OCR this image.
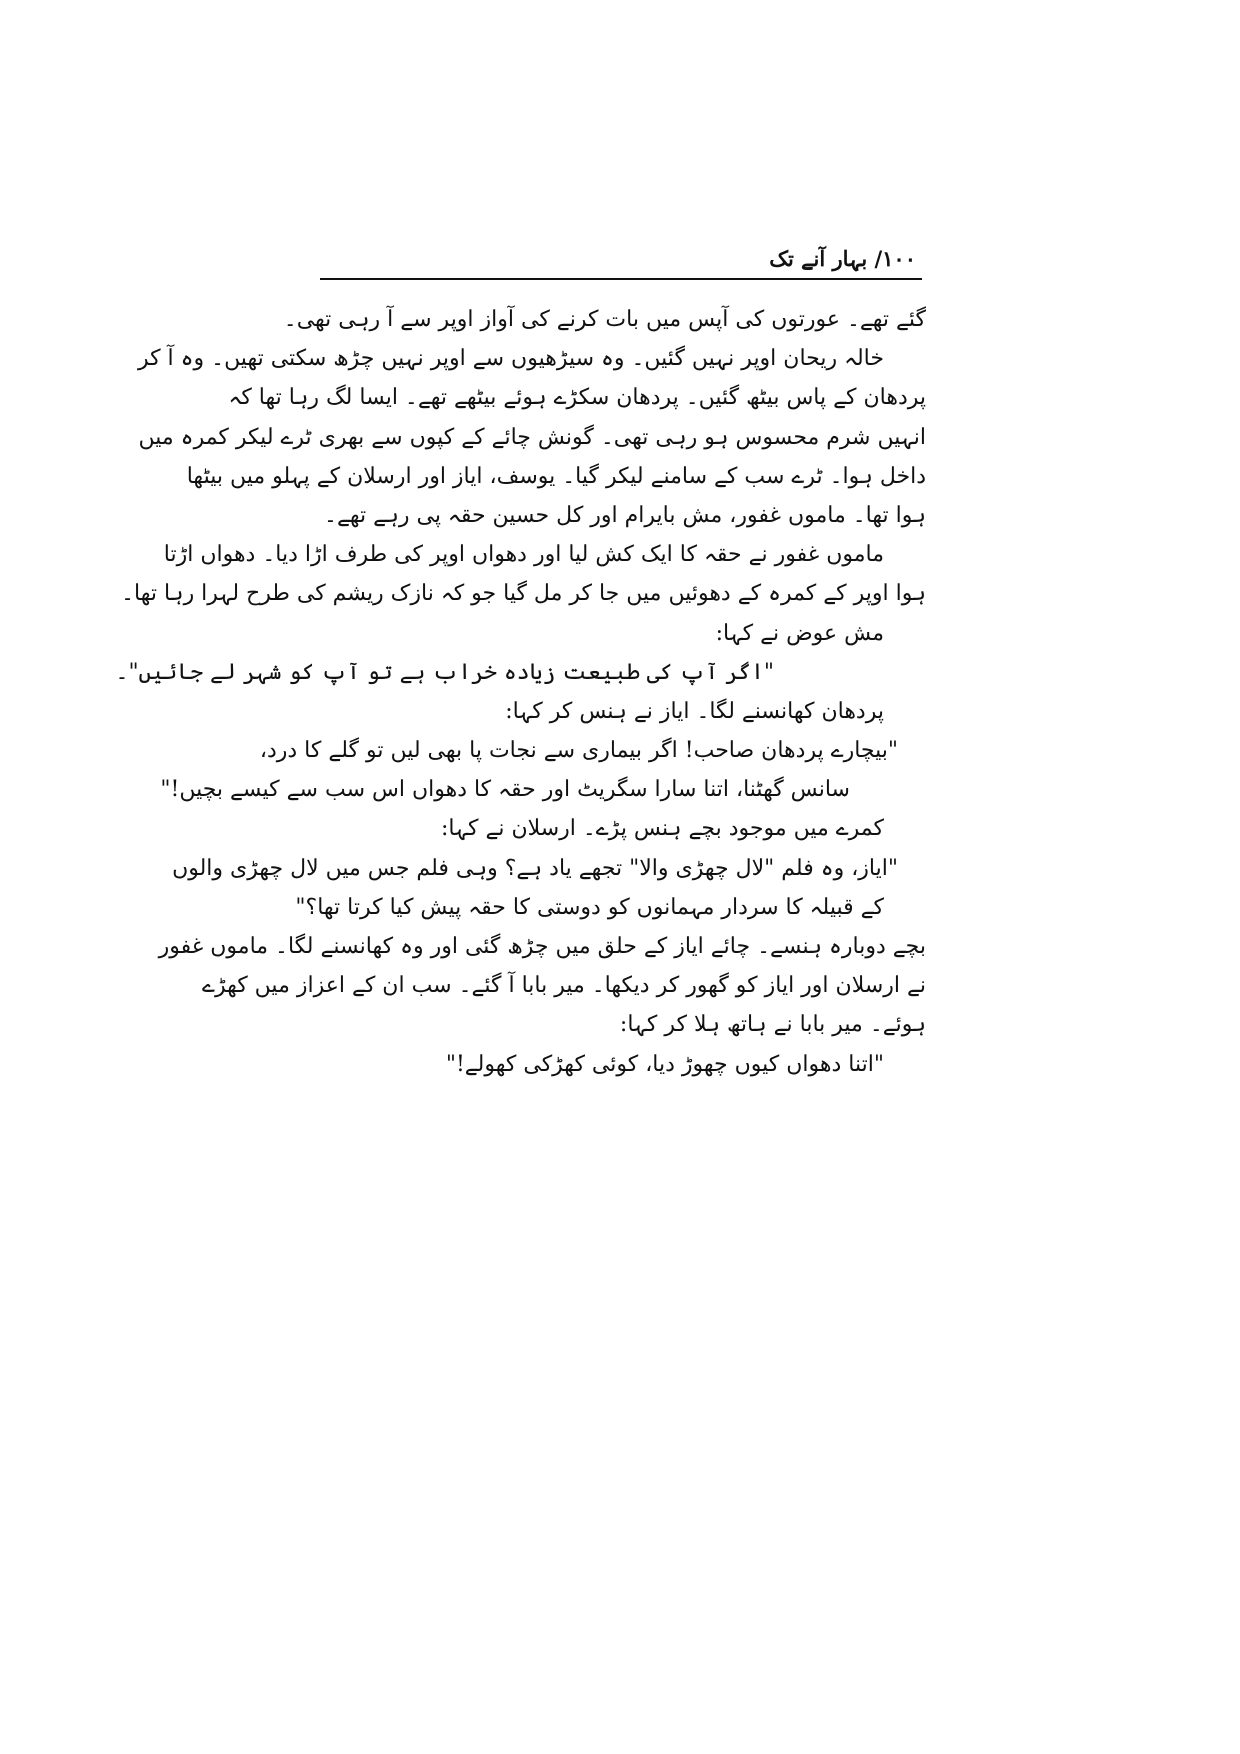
۱۰۰/ بہار آنے تک
گئے تھے۔ عورتوں کی آپس میں بات کرنے کی آواز اوپر سے آ رہی تھی۔
خالہ ریحان اوپر نہیں گئیں۔ وہ سیڑھیوں سے اوپر نہیں چڑھ سکتی تھیں۔ وہ آ کر
پردھان کے پاس بیٹھ گئیں۔ پردھان سکڑے ہوئے بیٹھے تھے۔ ایسا لگ رہا تھا کہ
انہیں شرم محسوس ہو رہی تھی۔ گونش چائے کے کپوں سے بھری ٹرے لیکر کمرہ میں
داخل ہوا۔ ٹرے سب کے سامنے لیکر گیا۔ یوسف، ایاز اور ارسلان کے پہلو میں بیٹھا
ہوا تھا۔ ماموں غفور، مش بایرام اور کل حسین حقہ پی رہے تھے۔
ماموں غفور نے حقہ کا ایک کش لیا اور دھواں اوپر کی طرف اڑا دیا۔ دھواں اڑتا
ہوا اوپر کے کمرہ کے دھوئیں میں جا کر مل گیا جو کہ نازک ریشم کی طرح لہرا رہا تھا۔
مش عوض نے کہا:
"اگر آپ کی طبیعت زیادہ خراب ہے تو آپ کو شہر لے جائیں"۔
پردھان کھانسنے لگا۔ ایاز نے ہنس کر کہا:
"بیچارے پردھان صاحب! اگر بیماری سے نجات پا بھی لیں تو گلے کا درد،
سانس گھٹنا، اتنا سارا سگریٹ اور حقہ کا دھواں اس سب سے کیسے بچیں!"
کمرے میں موجود بچے ہنس پڑے۔ ارسلان نے کہا:
"ایاز، وہ فلم "لال چھڑی والا" تجھے یاد ہے؟ وہی فلم جس میں لال چھڑی والوں
کے قبیلہ کا سردار مہمانوں کو دوستی کا حقہ پیش کیا کرتا تھا؟"
بچے دوبارہ ہنسے۔ چائے ایاز کے حلق میں چڑھ گئی اور وہ کھانسنے لگا۔ ماموں غفور
نے ارسلان اور ایاز کو گھور کر دیکھا۔ میر بابا آ گئے۔ سب ان کے اعزاز میں کھڑے
ہوئے۔ میر بابا نے ہاتھ ہلا کر کہا:
"اتنا دھواں کیوں چھوڑ دیا، کوئی کھڑکی کھولے!"
